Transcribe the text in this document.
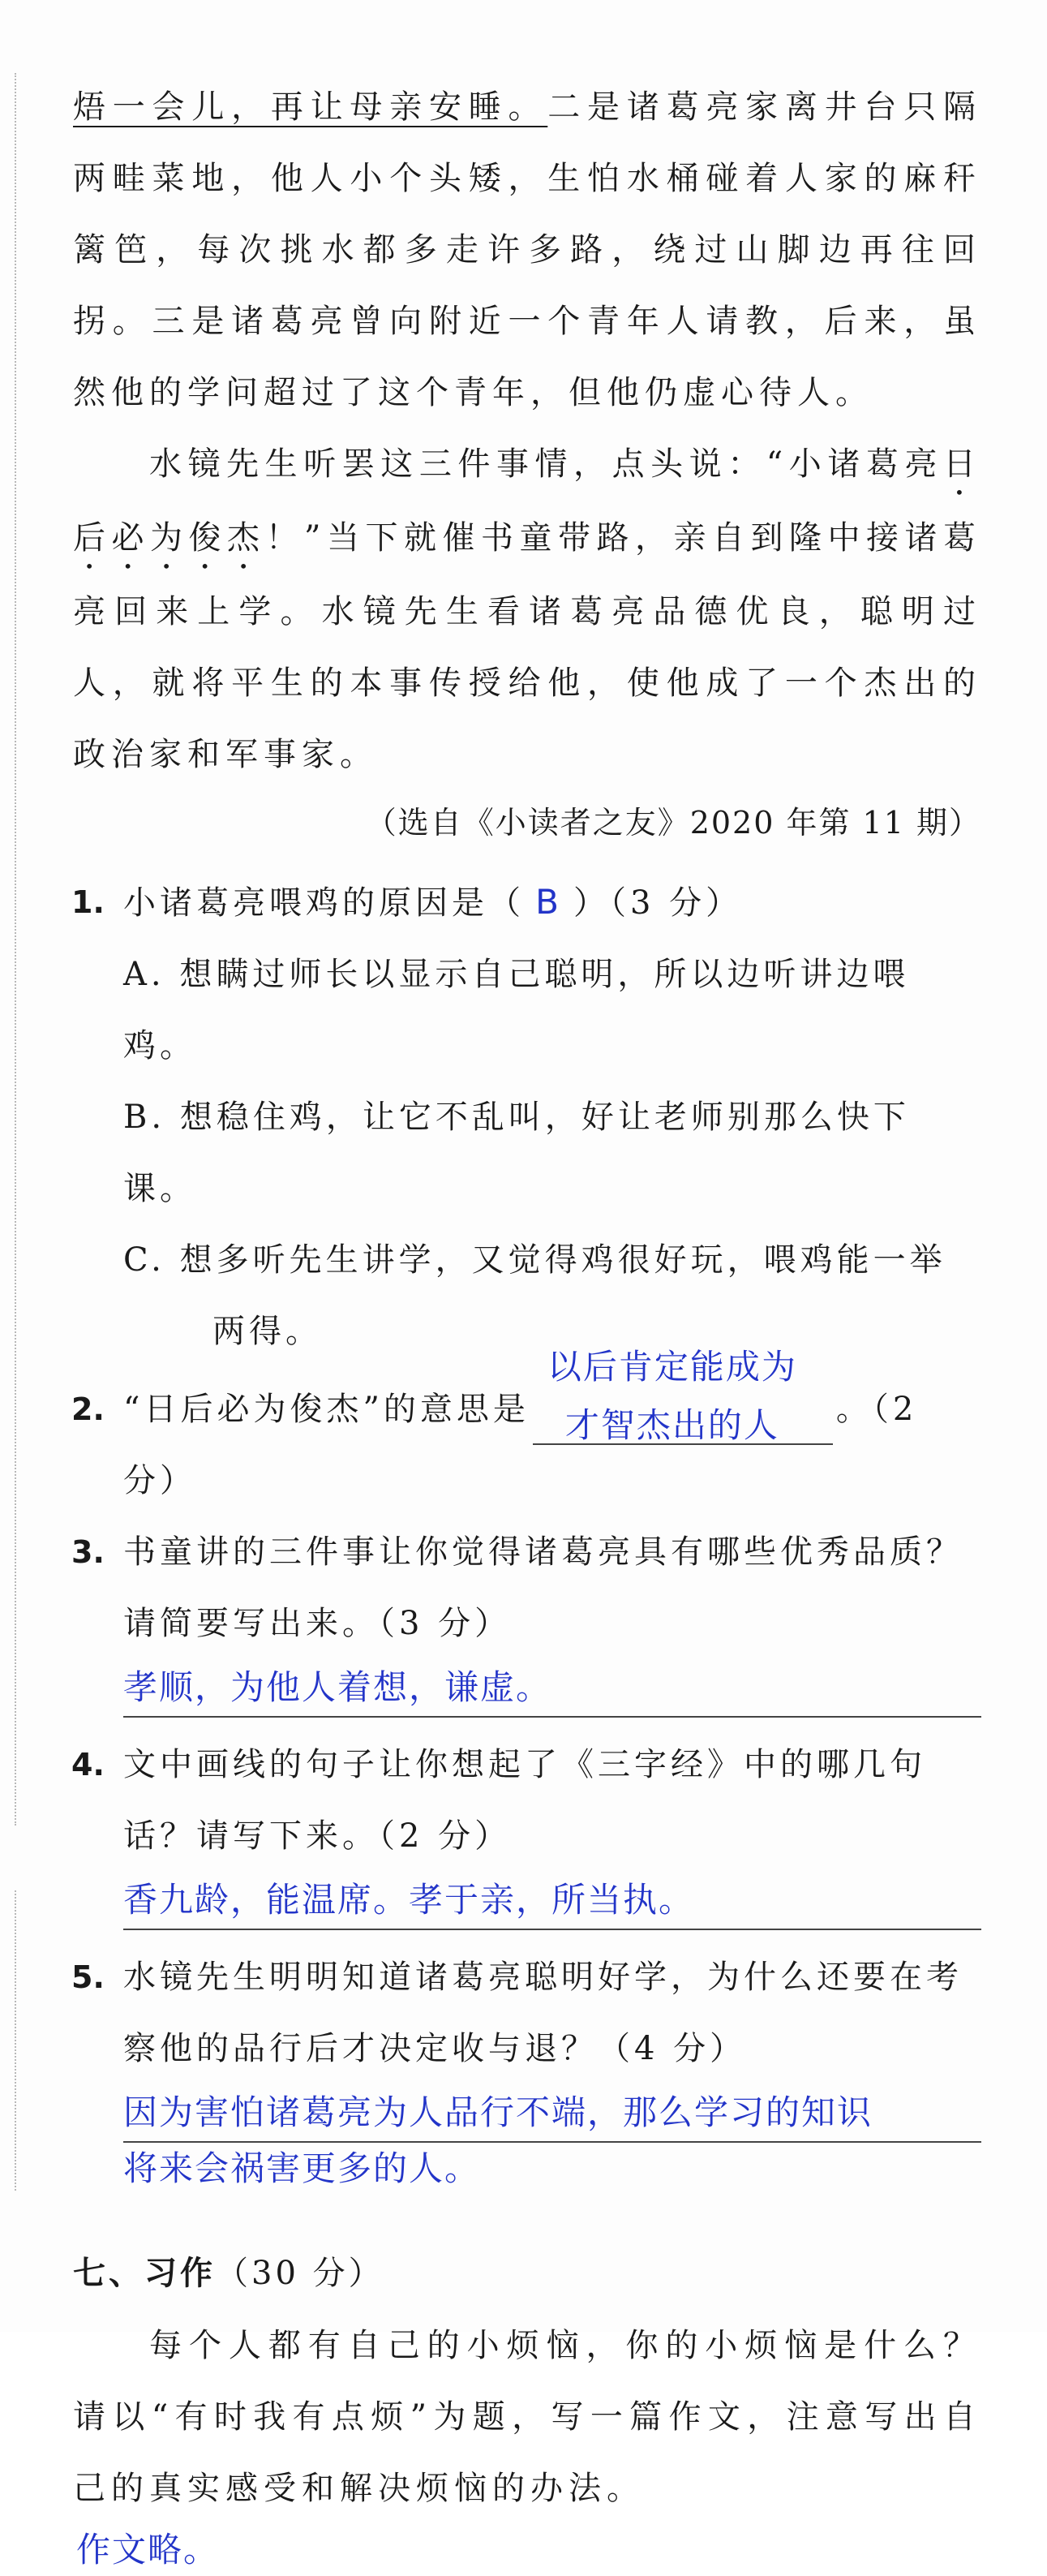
焐一会儿，再让母亲安睡。二是诸葛亮家离井台只隔两畦菜地，他人小个头矮，生怕水桶碰着人家的麻秆篱笆，每次挑水都多走许多路，绕过山脚边再往回拐。三是诸葛亮曾向附近一个青年人请教，后来，虽然他的学问超过了这个青年，但他仍虚心待人。

水镜先生听罢这三件事情，点头说：“小诸葛亮日后必为俊杰！”当下就催书童带路，亲自到隆中接诸葛亮回来上学。水镜先生看诸葛亮品德优良，聪明过人，就将平生的本事传授给他，使他成了一个杰出的政治家和军事家。

（选自《小读者之友》2020 年第 11 期）

1. 小诸葛亮喂鸡的原因是（ B ）（3 分）
A. 想瞒过师长以显示自己聪明，所以边听讲边喂鸡。
B. 想稳住鸡，让它不乱叫，好让老师别那么快下课。
C. 想多听先生讲学，又觉得鸡很好玩，喂鸡能一举
两得。
2. “日后必为俊杰”的意思是
以后肯定能成为
才智杰出的人 。（2 分）
3. 书童讲的三件事让你觉得诸葛亮具有哪些优秀品质？请简要写出来。（3 分）
孝顺，为他人着想，谦虚。
4. 文中画线的句子让你想起了《三字经》中的哪几句话？请写下来。（2 分）
香九龄，能温席。孝于亲，所当执。
5. 水镜先生明明知道诸葛亮聪明好学，为什么还要在考察他的品行后才决定收与退？（4 分）
因为害怕诸葛亮为人品行不端，那么学习的知识
将来会祸害更多的人。

七、习作（30 分）

每个人都有自己的小烦恼，你的小烦恼是什么？请以“有时我有点烦”为题，写一篇作文，注意写出自己的真实感受和解决烦恼的办法。

作文略。
